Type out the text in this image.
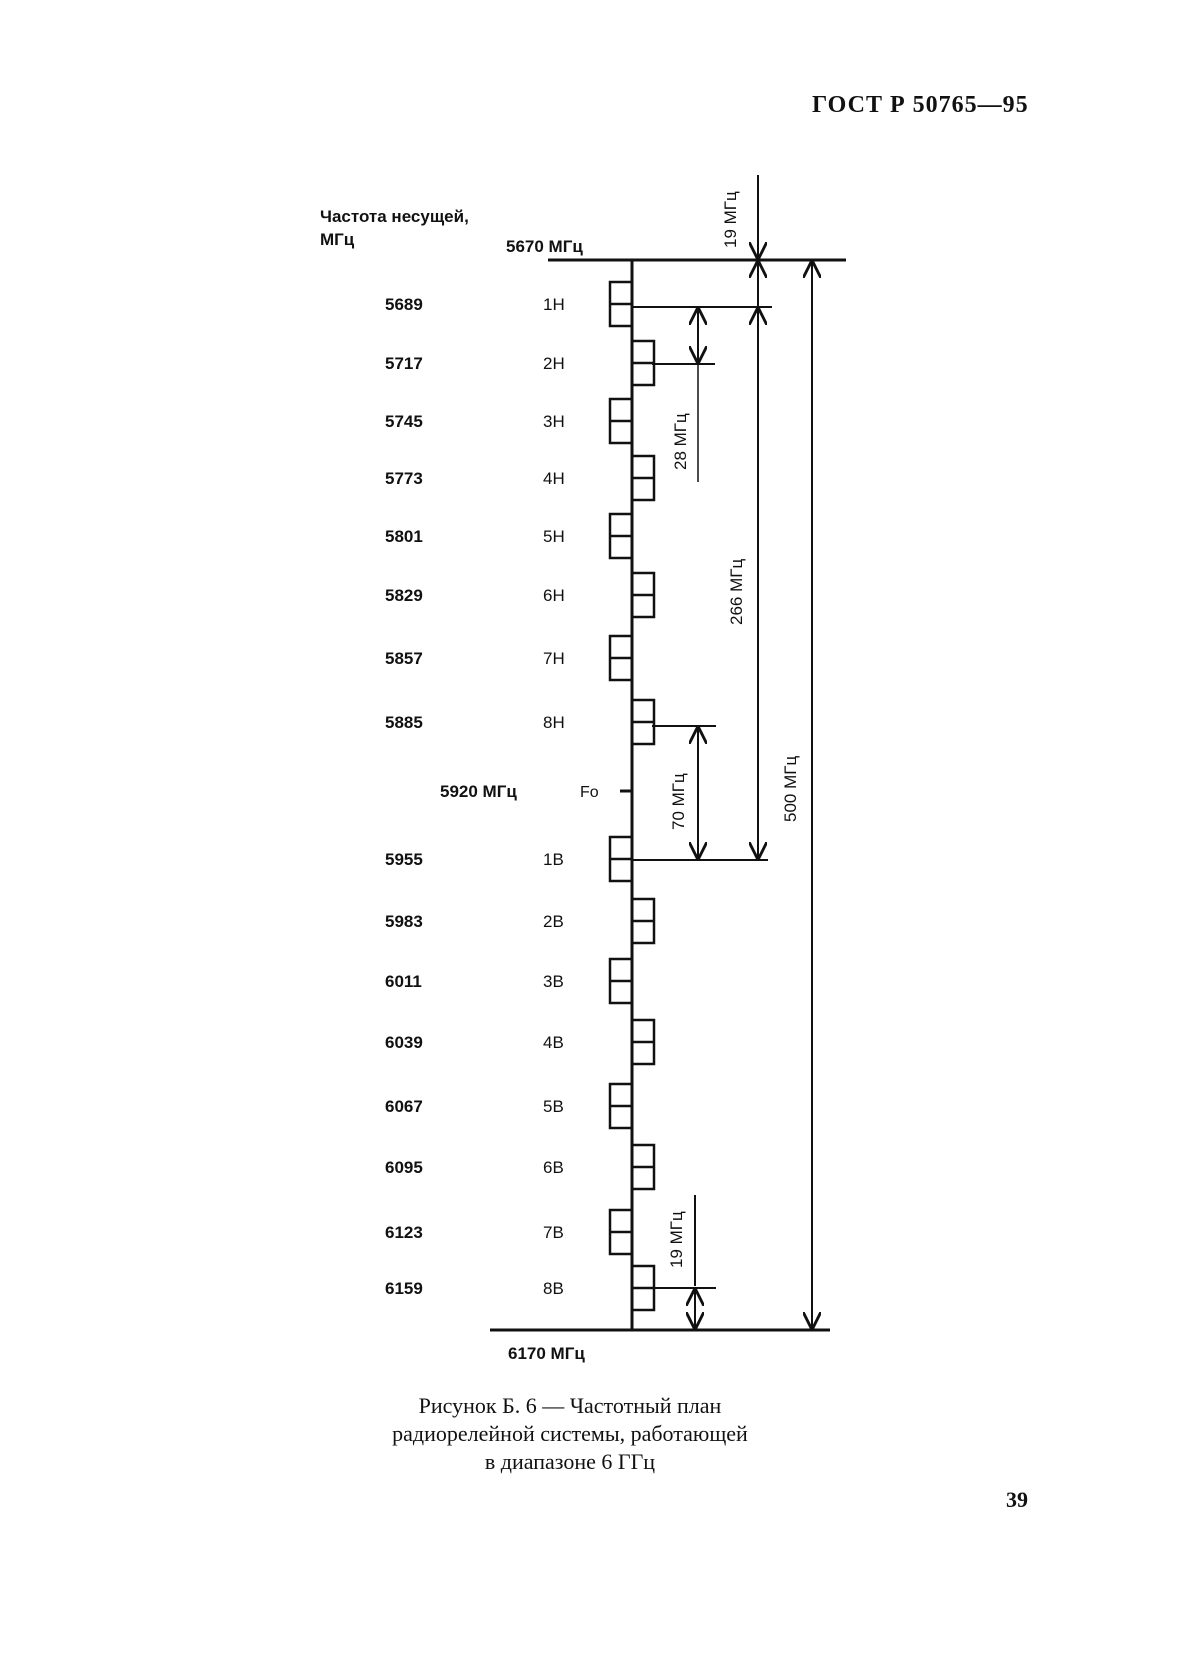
ГОСТ Р 50765—95
Частота несущей,
МГц	5670 МГц
6170 МГц
5689	1Н
5717	2Н
5745	3Н
5773	4Н
5801	5Н
5829	6Н
5857	7Н
5885	8Н
5955	1В
5983	2В
6011	3В
6039	4В
6067	5В
6095	6В
6123	7В
6159	8В
5920 МГц	Fo
19 МГц
28 МГц
266 МГц
70 МГц	500 МГц
19 МГц
Рисунок Б. 6 — Частотный план
радиорелейной системы, работающей
в диапазоне 6 ГГц
39
